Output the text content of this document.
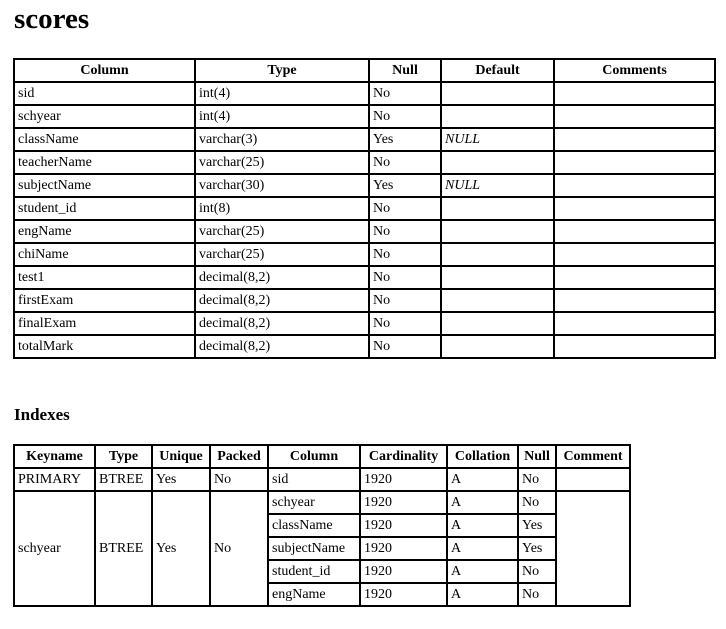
scores
Column	Type	Null	Default	Comments
sid	int(4)	No		
schyear	int(4)	No		
className	varchar(3)	Yes	NULL	
teacherName	varchar(25)	No		
subjectName	varchar(30)	Yes	NULL	
student_id	int(8)	No		
engName	varchar(25)	No		
chiName	varchar(25)	No		
test1	decimal(8,2)	No		
firstExam	decimal(8,2)	No		
finalExam	decimal(8,2)	No		
totalMark	decimal(8,2)	No		
Indexes
Keyname	Type	Unique	Packed	Column	Cardinality	Collation	Null	Comment
PRIMARY	BTREE	Yes	No	sid	1920	A	No	
schyear	BTREE	Yes	No	schyear	1920	A	No	
				className	1920	A	Yes	
				subjectName	1920	A	Yes	
				student_id	1920	A	No	
				engName	1920	A	No	
